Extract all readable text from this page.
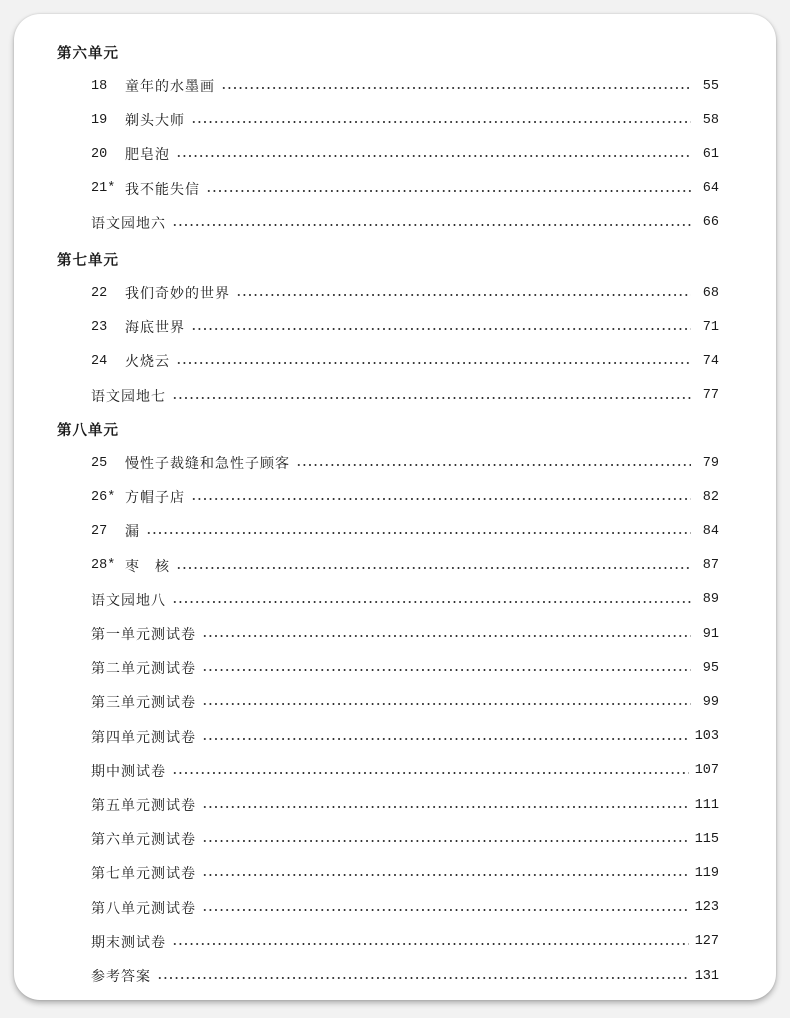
第六单元
18	童年的水墨画	55
19	剃头大师	58
20	肥皂泡	61
21* 我不能失信	64
语文园地六	66
第七单元
22	我们奇妙的世界	68
23	海底世界	71
24	火烧云	74
语文园地七	77
第八单元
25	慢性子裁缝和急性子顾客	79
26* 方帽子店	82
27	漏	84
28* 枣　核	87
语文园地八	89
第一单元测试卷	91
第二单元测试卷	95
第三单元测试卷	99
第四单元测试卷	103
期中测试卷	107
第五单元测试卷	111
第六单元测试卷	115
第七单元测试卷	119
第八单元测试卷	123
期末测试卷	127
参考答案	131
